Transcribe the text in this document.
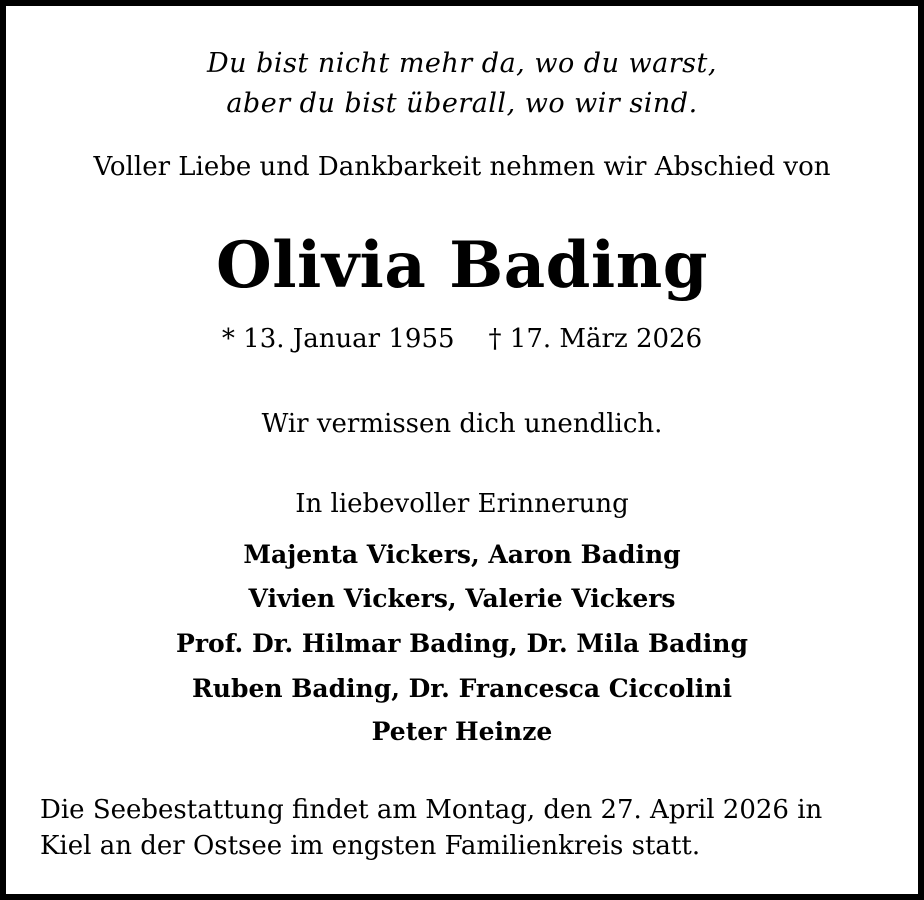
Du bist nicht mehr da, wo du warst,
aber du bist überall, wo wir sind.
Voller Liebe und Dankbarkeit nehmen wir Abschied von
Olivia Bading
* 13. Januar 1955 † 17. März 2026
Wir vermissen dich unendlich.
In liebevoller Erinnerung
Majenta Vickers, Aaron Bading
Vivien Vickers, Valerie Vickers
Prof. Dr. Hilmar Bading, Dr. Mila Bading
Ruben Bading, Dr. Francesca Ciccolini
Peter Heinze
Die Seebestattung findet am Montag, den 27. April 2026 in
Kiel an der Ostsee im engsten Familienkreis statt.
